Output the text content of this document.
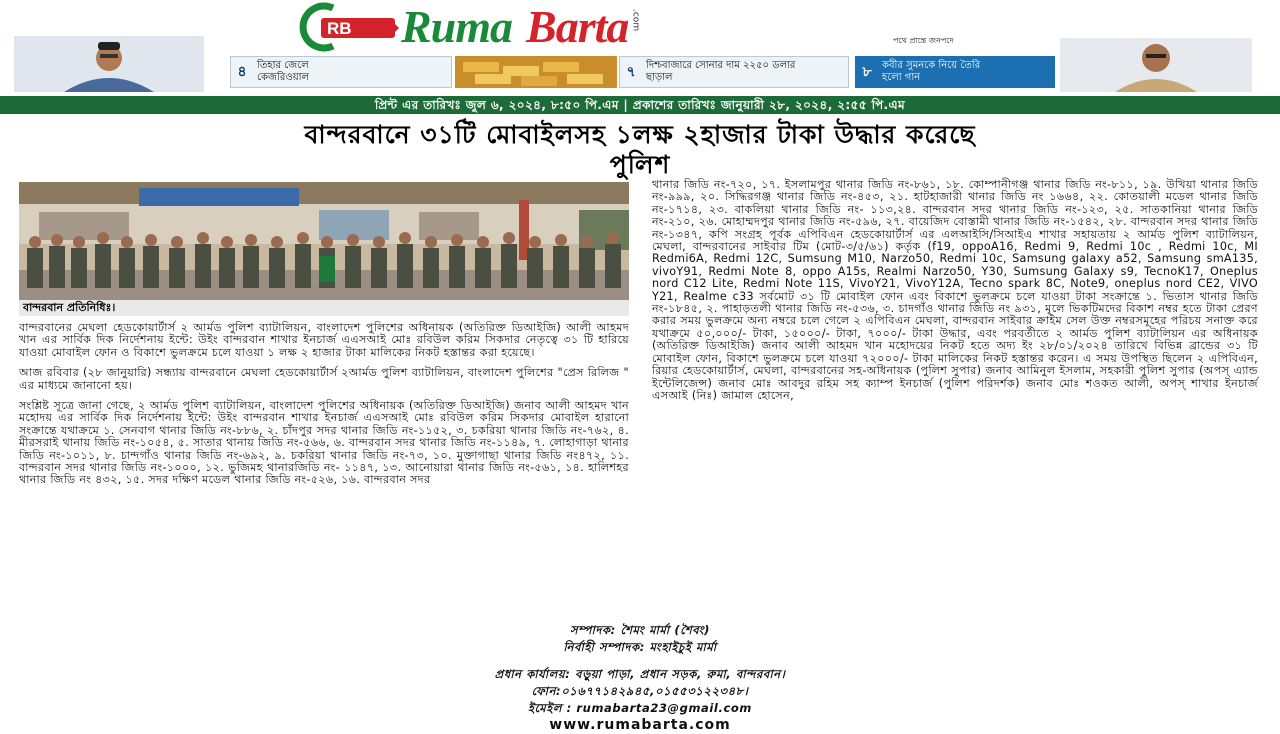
RB Ruma Barta .com
পথে প্রান্তে জনপদে
৪	তিহার জেলে কেজরিওয়াল	৭	দিশ্চবাজারে সোনার দাম ২২৫০ ডলার ছাড়াল	৮	কবীর সুমনকে নিয়ে তৈরি হলো গান
প্রিন্ট এর তারিখঃ জুল ৬, ২০২৪, ৮:৫০ পি.এম | প্রকাশের তারিখঃ জানুয়ারী ২৮, ২০২৪, ২:৫৫ পি.এম
বান্দরবানে ৩১টি মোবাইলসহ ১লক্ষ ২হাজার টাকা উদ্ধার করেছে
পুলিশ
বান্দরবান প্রতিনিধিঃ।

বান্দরবানের মেঘলা হেডকোয়ার্টার্স ২ আর্মড পুলিশ ব্যাটালিয়ন, বাংলাদেশ পুলিশের অধিনায়ক (অতিরিক্ত ডিআইজি) আলী আহমদ খান এর সার্বিক দিক নির্দেশনায় ইন্টে: উইং বান্দরবান শাখার ইনচার্জ এএসআই মোঃ রবিউল করিম সিকদার নেতৃত্বে ৩১ টি হারিয়ে যাওয়া মোবাইল ফোন ও বিকাশে ভুলক্রমে চলে যাওয়া ১ লক্ষ ২ হাজার টাকা মালিকের নিকট হস্তান্তর করা হয়েছে।

আজ রবিবার (২৮ জানুয়ারি) সন্ধ্যায় বান্দরবানে মেঘলা হেডকোয়ার্টার্স ২আর্মড পুলিশ ব্যাটালিয়ন, বাংলাদেশ পুলিশের "প্রেস রিলিজ " এর মাধ্যমে জানানো হয়।

সংশ্লিষ্ট সূত্রে জানা গেছে, ২ আর্মড পুলিশ ব্যাটালিয়ন, বাংলাদেশ পুলিশের অধিনায়ক (অতিরিক্ত ডিআইজি) জনাব আলী আহমদ খান মহোদয় এর সার্বিক দিক নির্দেশনায় ইন্টে: উইং বান্দরবান শাখার ইনচার্জ এএসআই মোঃ রবিউল করিম সিকদার মোবাইল হারানো সংক্রান্তে যথাক্রমে ১. সেনবাগ থানার জিডি নং-৮৮৬, ২. চাঁদপুর সদর থানার জিডি নং-১১৫২, ৩. চকরিয়া থানার জিডি নং-৭৬২, ৪. মীরসরাই থানায় জিডি নং-১০৫৪, ৫. সাতার থানায় জিডি নং-৫৬৬, ৬. বান্দরবান সদর থানার জিডি নং-১১৪৯, ৭. লোহাগাড়া থানার জিডি নং-১০১১, ৮. চান্দগাঁও থানার জিডি নং-৬৯২, ৯. চকরিয়া থানার জিডি নং-৭৩, ১০. মুক্তাগাছা থানার জিডি নং৪৭২, ১১. বান্দরবান সদর থানার জিডি নং-১০০০, ১২. ভুজিমহ থানারজিডি নং- ১১৪৭, ১৩. আনোয়ারা থানার জিডি নং-৫৬১, ১৪. হালিশহর থানার জিডি নং ৪৩২, ১৫. সদর দক্ষিণ মডেল থানার জিডি নং-৫২৬, ১৬. বান্দরবান সদর

থানার জিডি নং-৭২০, ১৭. ইসলামপুর থানার জিডি নং-৮৬১, ১৮. কোম্পানীগঞ্জ থানার জিডি নং-৮১১, ১৯. উখিয়া থানার জিডি নং-৯৯৯, ২০. সিদ্ধিরগঞ্জ থানার জিডি নং-৪৫৩, ২১. হাটহাজারী থানার জিডি নং ১৬৬৪, ২২. কোতয়ালী মডেল থানার জিডি নং-১৭১৪, ২৩. বাকলিয়া থানার জিডি নং- ১১৩,২৪. বান্দরবান সদর থানার জিডি নং-১২৩, ২৫. সাতকানিয়া থানার জিডি নং-২১০, ২৬. মোহাম্মদপুর থানার জিডি নং-৫৯৬, ২৭. বায়েজিদ বোস্তামী থানার জিডি নং-১৫৪২, ২৮. বান্দরবান সদর থানার জিডি নং-১৩৪৭, কপি সংগ্রহ পূর্বক এপিবিএন হেডকোয়ার্টার্স এর এলআইসি/সিআইএ শাখার সহায়তায় ২ আর্মড পুলিশ ব্যাটালিয়ন, মেঘলা, বান্দরবানের সাইবার টিম (মোট-৩/৫/৬১) কর্তৃক (f19, oppoA16, Redmi 9, Redmi 10c , Redmi 10c, MI Redmi6A, Redmi 12C, Sumsung M10, Narzo50, Redmi 10c, Samsung galaxy a52, Samsung smA135, vivoY91, Redmi Note 8, oppo A15s, Realmi Narzo50, Y30, Sumsung Galaxy s9, TecnoK17, Oneplus nord C12 Lite, Redmi Note 11S, VivoY21, VivoY12A, Tecno spark 8C, Note9, oneplus nord CE2, VIVO Y21, Realme c33 সর্বমোট ৩১ টি মোবাইল ফোন এবং বিকাশে ভুলক্রমে চলে যাওয়া টাকা সংক্রান্তে ১. ভিতাস থানার জিডি নং-১৮৪৫, ২. পাহাড়তলী থানার জিডি নং-৫৩৬, ৩. চাদগাঁও থানার জিডি নং ৯৩১, মূলে ভিকটিমদের বিকাশ নম্বর হতে টাকা প্রেরণ করার সময় ভুলক্রমে অন্য নম্বরে চলে গেলে ২ এপিবিএন মেঘলা, বান্দরবান সাইবার ক্রাইম সেল উক্ত নম্বরসমূহের পরিচয় সনাক্ত করে যথাক্রমে ৫০,০০০/- টাকা, ১৫০০০/- টাকা, ৭০০০/- টাকা উদ্ধার, এবং পরবর্তীতে ২ আর্মড পুলিশ ব্যাটালিয়ন এর অধিনায়ক (অতিরিক্ত ডিআইজি) জনাব আলী আহমদ খান মহোদয়ের নিকট হতে অদ্য ইং ২৮/০১/২০২৪ তারিখে বিভিন্ন ব্রান্ডের ৩১ টি মোবাইল ফোন, বিকাশে ভুলক্রমে চলে যাওয়া ৭২০০০/- টাকা মালিকের নিকট হস্তান্তর করেন। এ সময় উপস্থিত ছিলেন ২ এপিবিএন, রিয়ার হেডকোয়ার্টার্স, মেঘলা, বান্দরবানের সহ-অধিনায়ক (পুলিশ সুপার) জনাব আমিনুল ইসলাম, সহকারী পুলিশ সুপার (অপস্ এ্যান্ড ইন্টেলিজেন্স) জনাব মোঃ আবদুর রহিম সহ ক্যাম্প ইনচার্জ (পুলিশ পরিদর্শক) জনাব মোঃ শওকত আলী, অপস্ শাখার ইনচার্জ এসআই (নিঃ) জামাল হোসেন,

সম্পাদক: শৈমং মার্মা (শৈবং)
নির্বাহী সম্পাদক: মংহাইচুই মার্মা
প্রধান কার্যালয়: বড়ুয়া পাড়া, প্রধান সড়ক, রুমা, বান্দরবান।
ফোন:০১৬৭৭১৪২৯৪৫,০১৫৫৩১২২৩৪৮।
ইমেইল : rumabarta23@gmail.com
www.rumabarta.com
